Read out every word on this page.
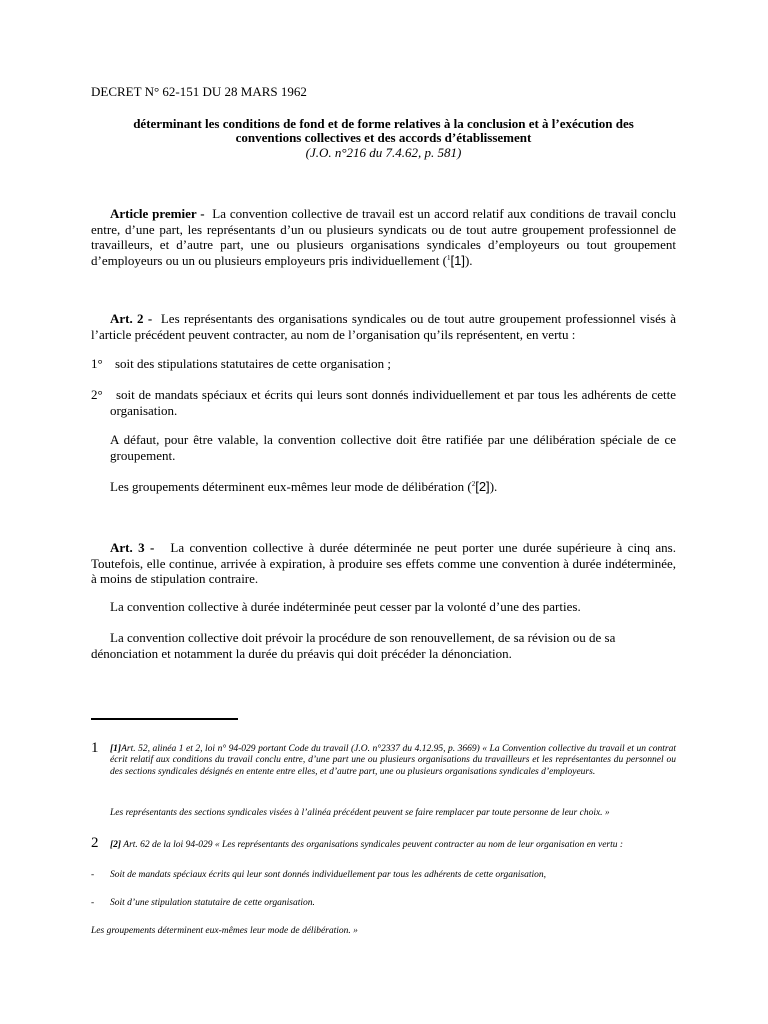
DECRET N° 62-151 DU 28 MARS 1962
déterminant les conditions de fond et de forme relatives à la conclusion et à l’exécution des
conventions collectives et des accords d’établissement
(J.O. n°216 du 7.4.62, p. 581)
Article premier - La convention collective de travail est un accord relatif aux conditions de travail conclu entre, d’une part, les représentants d’un ou plusieurs syndicats ou de tout autre groupement professionnel de travailleurs, et d’autre part, une ou plusieurs organisations syndicales d’employeurs ou tout groupement d’employeurs ou un ou plusieurs employeurs pris individuellement ($^1$[1]).
Art. 2 - Les représentants des organisations syndicales ou de tout autre groupement professionnel visés à l’article précédent peuvent contracter, au nom de l’organisation qu’ils représentent, en vertu :
1° soit des stipulations statutaires de cette organisation ;
2°	soit de mandats spéciaux et écrits qui leurs sont donnés individuellement et par tous les adhérents de cette organisation.
A défaut, pour être valable, la convention collective doit être ratifiée par une délibération spéciale de ce groupement.
Les groupements déterminent eux-mêmes leur mode de délibération ($^2$[2]).
Art. 3 - La convention collective à durée déterminée ne peut porter une durée supérieure à cinq ans. Toutefois, elle continue, arrivée à expiration, à produire ses effets comme une convention à durée indéterminée, à moins de stipulation contraire.
La convention collective à durée indéterminée peut cesser par la volonté d’une des parties.
La convention collective doit prévoir la procédure de son renouvellement, de sa révision ou de sa dénonciation et notamment la durée du préavis qui doit précéder la dénonciation.
1 [1]Art. 52, alinéa 1 et 2, loi n° 94-029 portant Code du travail (J.O. n°2337 du 4.12.95, p. 3669) « La Convention collective du travail et un contrat écrit relatif aux conditions du travail conclu entre, d’une part une ou plusieurs organisations du travailleurs et les représentantes du personnel ou des sections syndicales désignés en entente entre elles, et d’autre part, une ou plusieurs organisations syndicales d’employeurs.
Les représentants des sections syndicales visées à l’alinéa précédent peuvent se faire remplacer par toute personne de leur choix. »
2 [2] Art. 62 de la loi 94-029 « Les représentants des organisations syndicales peuvent contracter au nom de leur organisation en vertu :
- Soit de mandats spéciaux écrits qui leur sont donnés individuellement par tous les adhérents de cette organisation,
- Soit d’une stipulation statutaire de cette organisation.
Les groupements déterminent eux-mêmes leur mode de délibération. »
